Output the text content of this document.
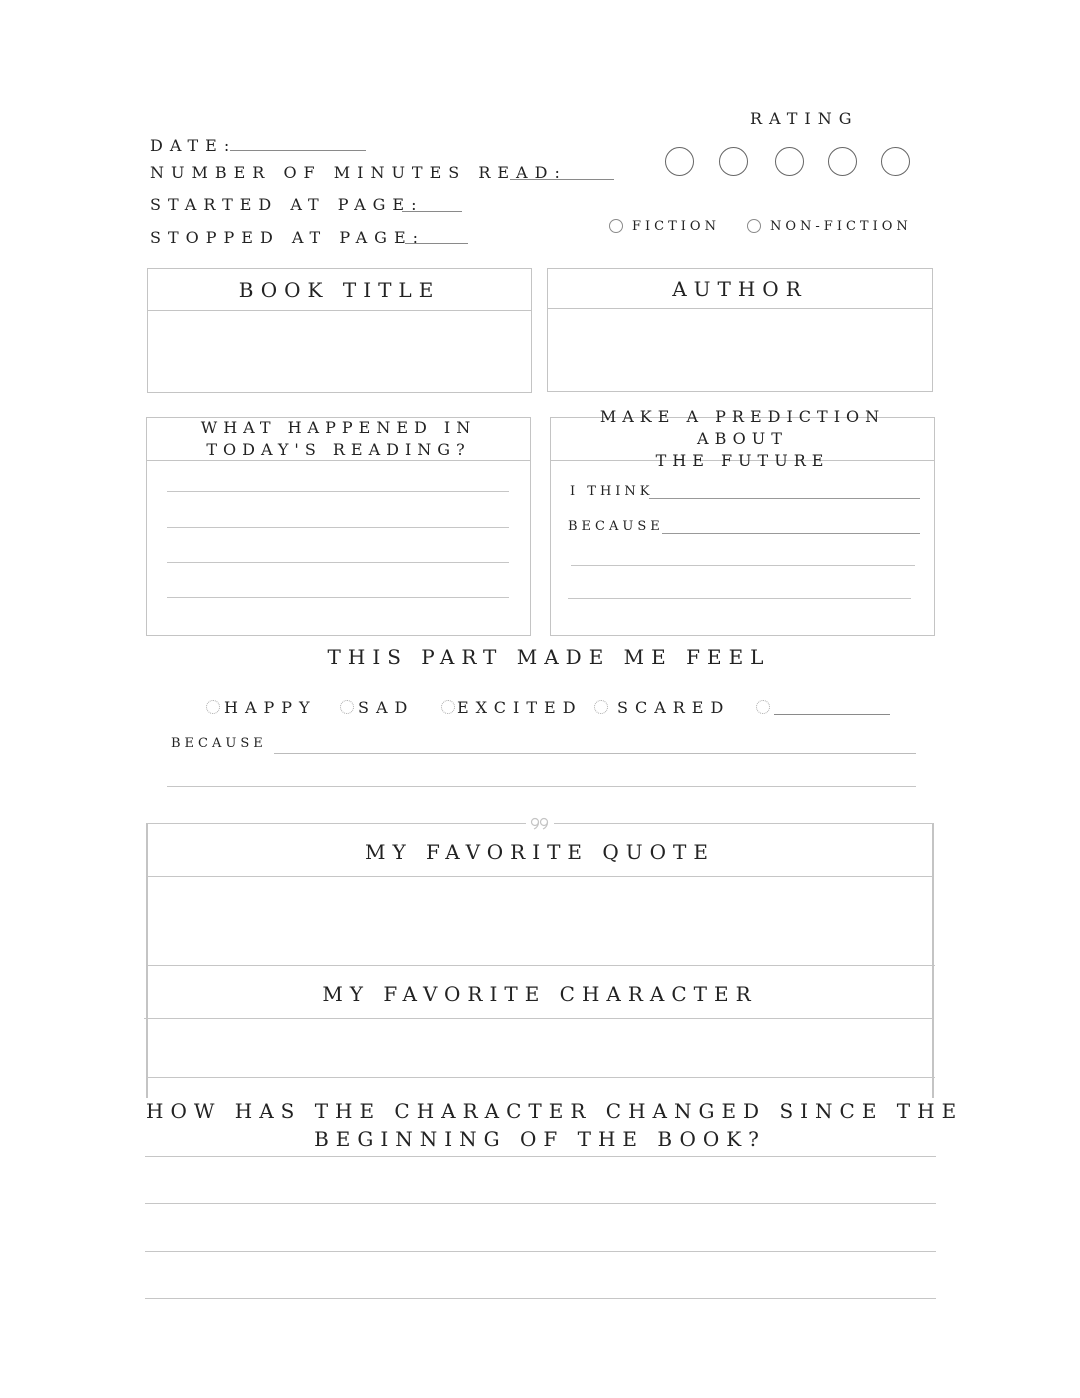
DATE:
NUMBER OF MINUTES READ:
STARTED AT PAGE:
STOPPED AT PAGE:
RATING
FICTION	NON-FICTION
BOOK TITLE	AUTHOR
WHAT HAPPENED IN
TODAY'S READING?
MAKE A PREDICTION ABOUT
THE FUTURE
I THINK
BECAUSE
THIS PART MADE ME FEEL
HAPPY	SAD	EXCITED SCARED
BECAUSE
MY FAVORITE QUOTE
MY FAVORITE CHARACTER
HOW HAS THE CHARACTER CHANGED SINCE THE
BEGINNING OF THE BOOK?
